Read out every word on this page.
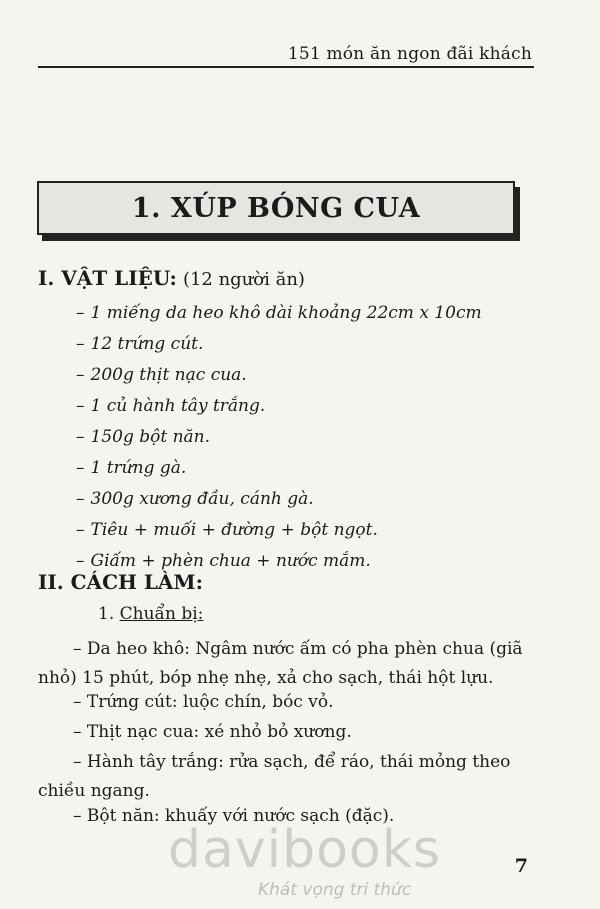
151 món ăn ngon đãi khách
1. XÚP BÓNG CUA
I. VẬT LIỆU: (12 người ăn)
– 1 miếng da heo khô dài khoảng 22cm x 10cm
– 12 trứng cút.
– 200g thịt nạc cua.
– 1 củ hành tây trắng.
– 150g bột năn.
– 1 trứng gà.
– 300g xương đầu, cánh gà.
– Tiêu + muối + đường + bột ngọt.
– Giấm + phèn chua + nước mắm.
II. CÁCH LÀM:
1. Chuẩn bị:

– Da heo khô: Ngâm nước ấm có pha phèn chua (giã nhỏ) 15 phút, bóp nhẹ nhẹ, xả cho sạch, thái hột lựu.

– Trứng cút: luộc chín, bóc vỏ.

– Thịt nạc cua: xé nhỏ bỏ xương.

– Hành tây trắng: rửa sạch, để ráo, thái mỏng theo chiều ngang.

– Bột năn: khuấy với nước sạch (đặc).

davibooks
Khát vọng tri thức
7
